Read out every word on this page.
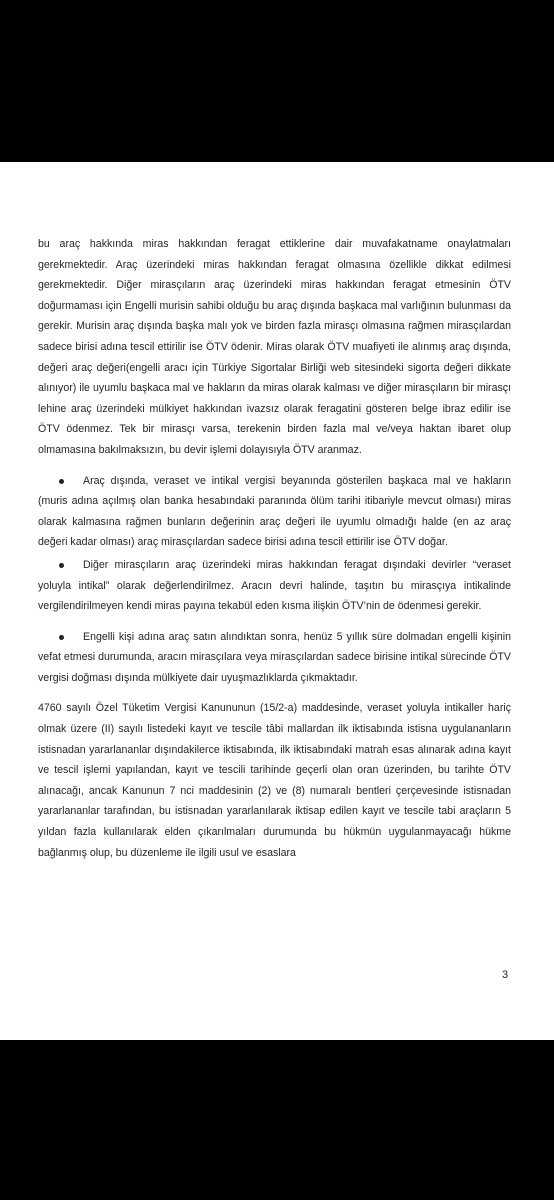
bu araç hakkında miras hakkından feragat ettiklerine dair muvafakatname onaylatmaları gerekmektedir. Araç üzerindeki miras hakkından feragat olmasına özellikle dikkat edilmesi gerekmektedir. Diğer mirasçıların araç üzerindeki miras hakkından feragat etmesinin ÖTV doğurmaması için Engelli murisin sahibi olduğu bu araç dışında başkaca mal varlığının bulunması da gerekir. Murisin araç dışında başka malı yok ve birden fazla mirasçı olmasına rağmen mirasçılardan sadece birisi adına tescil ettirilir ise ÖTV ödenir. Miras olarak ÖTV muafiyeti ile alınmış araç dışında, değeri araç değeri(engelli aracı için Türkiye Sigortalar Birliği web sitesindeki sigorta değeri dikkate alınıyor) ile uyumlu başkaca mal ve hakların da miras olarak kalması ve diğer mirasçıların bir mirasçı lehine araç üzerindeki mülkiyet hakkından ivazsız olarak feragatini gösteren belge ibraz edilir ise ÖTV ödenmez. Tek bir mirasçı varsa, terekenin birden fazla mal ve/veya haktan ibaret olup olmamasına bakılmaksızın, bu devir işlemi dolayısıyla ÖTV aranmaz.

Araç dışında, veraset ve intikal vergisi beyanında gösterilen başkaca mal ve hakların (muris adına açılmış olan banka hesabındaki paranında ölüm tarihi itibariyle mevcut olması) miras olarak kalmasına rağmen bunların değerinin araç değeri ile uyumlu olmadığı halde (en az araç değeri kadar olması) araç mirasçılardan sadece birisi adına tescil ettirilir ise ÖTV doğar.

Diğer mirasçıların araç üzerindeki miras hakkından feragat dışındaki devirler “veraset yoluyla intikal” olarak değerlendirilmez. Aracın devri halinde, taşıtın bu mirasçıya intikalinde vergilendirilmeyen kendi miras payına tekabül eden kısma ilişkin ÖTV’nin de ödenmesi gerekir.

Engelli kişi adına araç satın alındıktan sonra, henüz 5 yıllık süre dolmadan engelli kişinin vefat etmesi durumunda, aracın mirasçılara veya mirasçılardan sadece birisine intikal sürecinde ÖTV vergisi doğması dışında mülkiyete dair uyuşmazlıklarda çıkmaktadır.

4760 sayılı Özel Tüketim Vergisi Kanununun (15/2-a) maddesinde, veraset yoluyla intikaller hariç olmak üzere (II) sayılı listedeki kayıt ve tescile tâbi mallardan ilk iktisabında istisna uygulananların istisnadan yararlananlar dışındakilerce iktisabında, ilk iktisabındaki matrah esas alınarak adına kayıt ve tescil işlemi yapılandan, kayıt ve tescili tarihinde geçerli olan oran üzerinden, bu tarihte ÖTV alınacağı, ancak Kanunun 7 nci maddesinin (2) ve (8) numaralı bentleri çerçevesinde istisnadan yararlananlar tarafından, bu istisnadan yararlanılarak iktisap edilen kayıt ve tescile tabi araçların 5 yıldan fazla kullanılarak elden çıkarılmaları durumunda bu hükmün uygulanmayacağı hükme bağlanmış olup, bu düzenleme ile ilgili usul ve esaslara

3
